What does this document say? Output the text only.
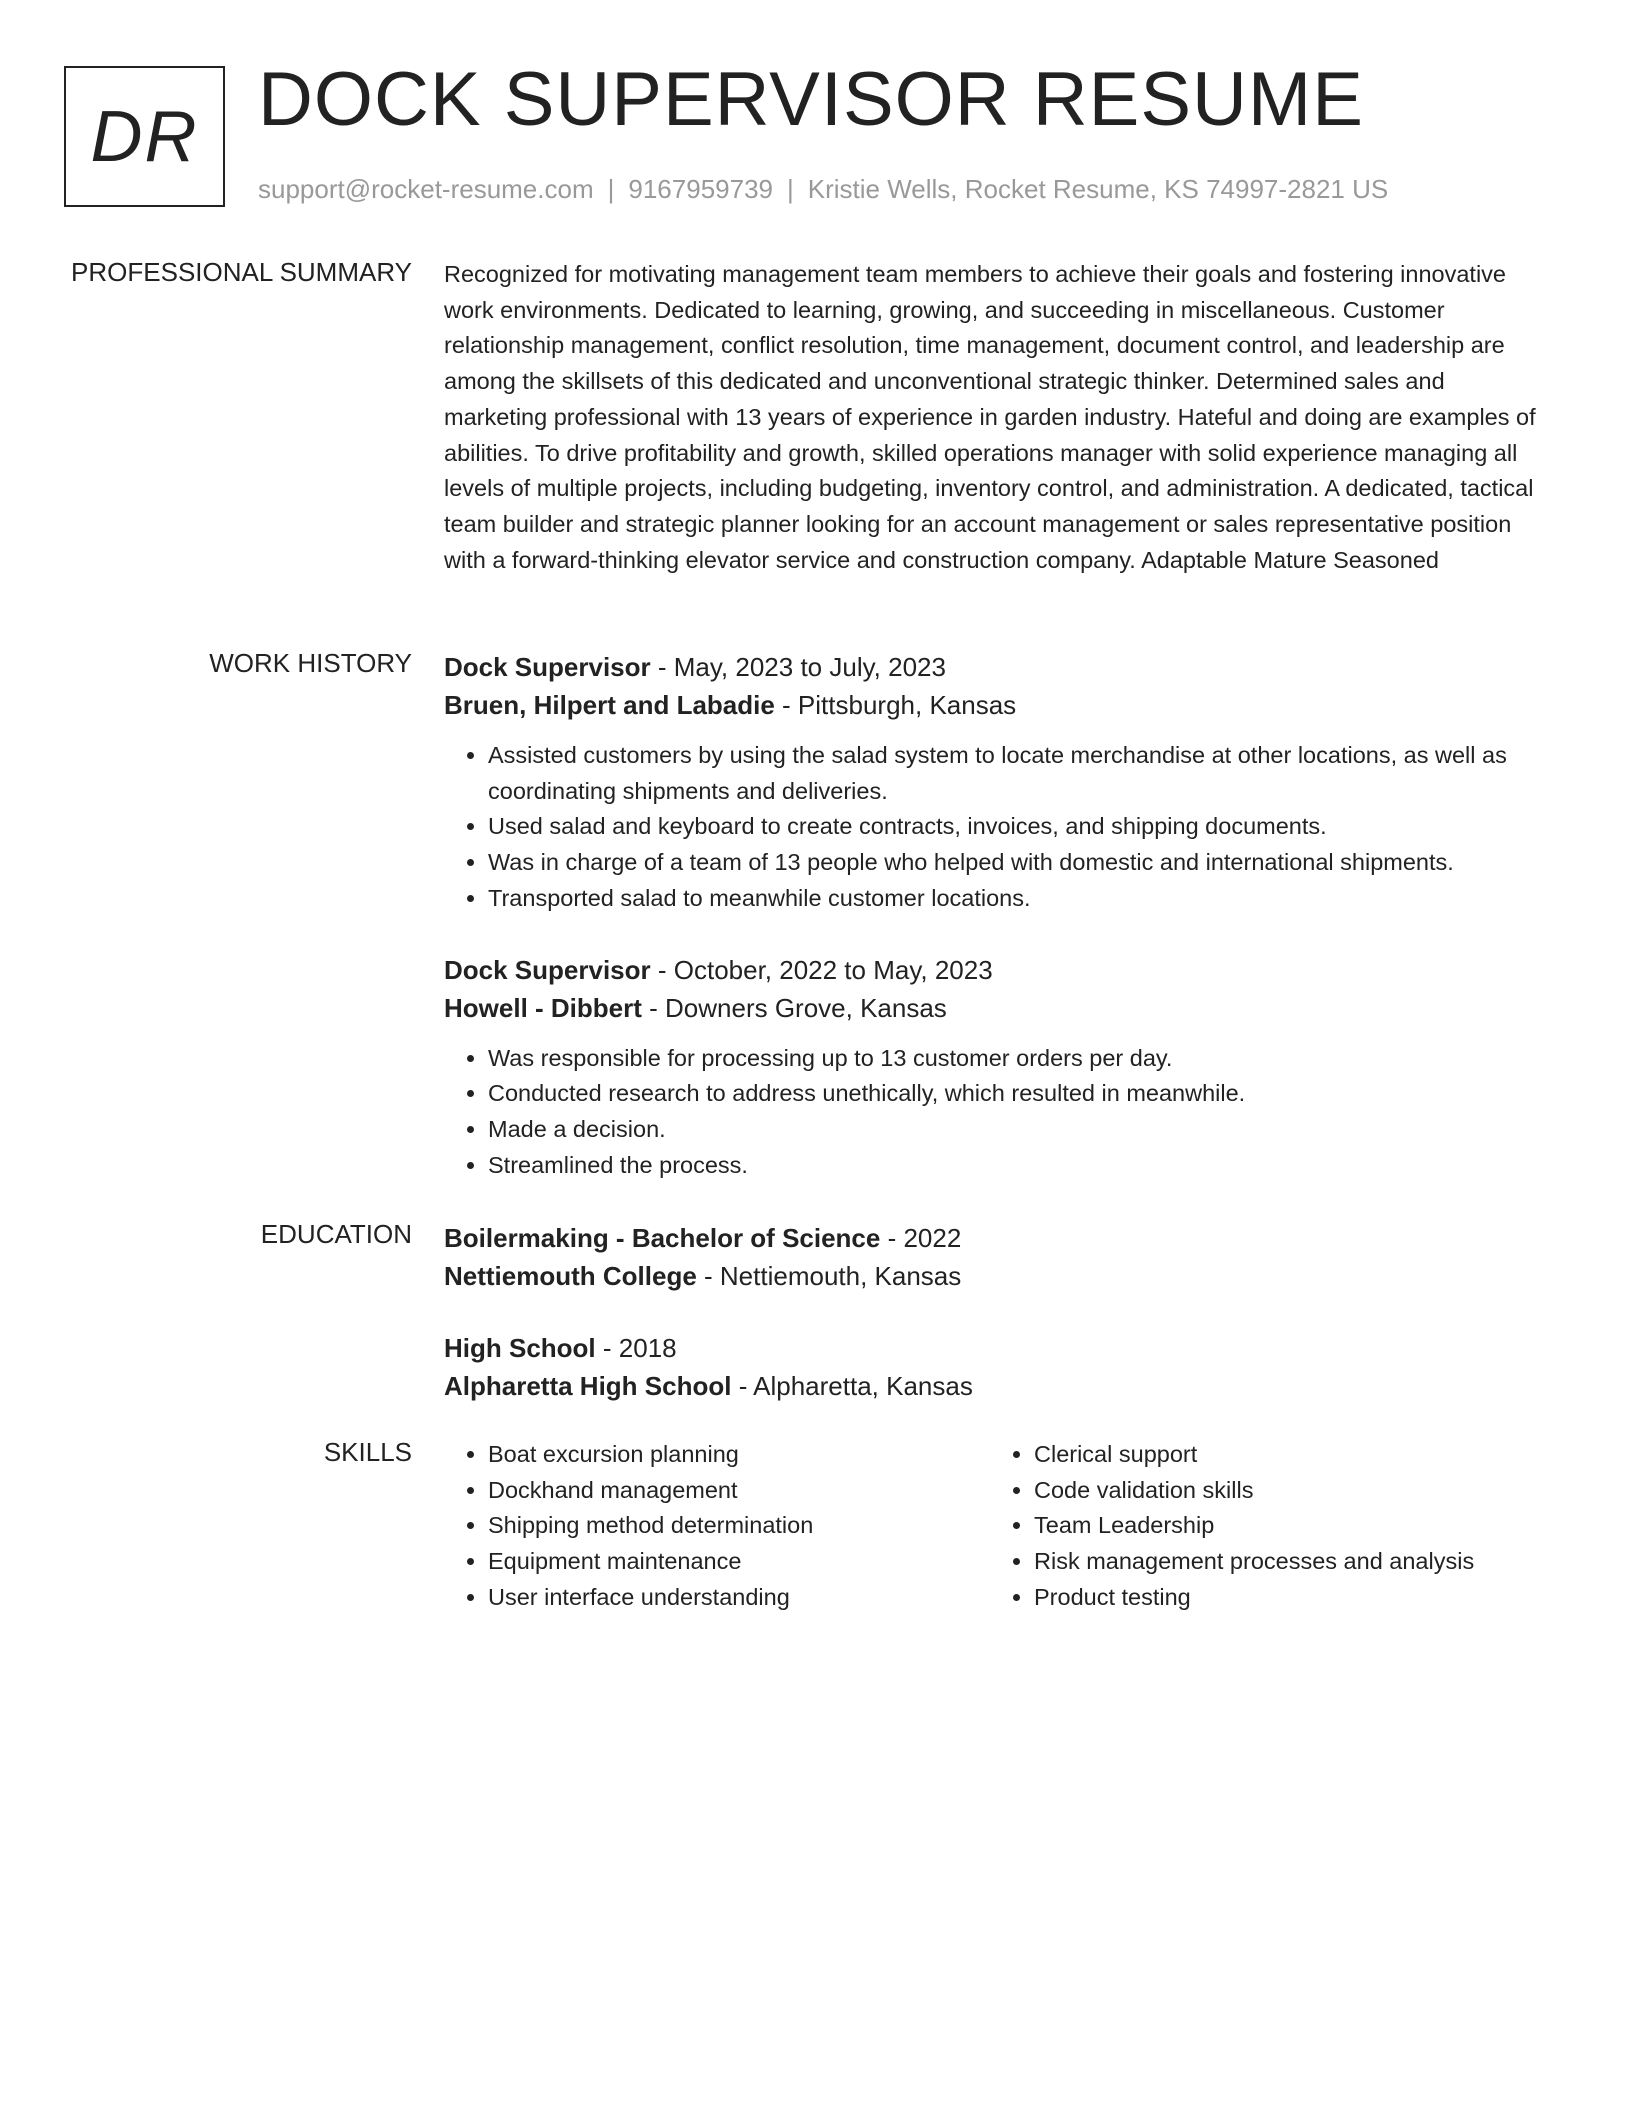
DR DOCK SUPERVISOR RESUME
support@rocket-resume.com | 9167959739 | Kristie Wells, Rocket Resume, KS 74997-2821 US
PROFESSIONAL SUMMARY Recognized for motivating management team members to achieve their goals and fostering innovative work environments. Dedicated to learning, growing, and succeeding in miscellaneous. Customer relationship management, conflict resolution, time management, document control, and leadership are among the skillsets of this dedicated and unconventional strategic thinker. Determined sales and marketing professional with 13 years of experience in garden industry. Hateful and doing are examples of abilities. To drive profitability and growth, skilled operations manager with solid experience managing all levels of multiple projects, including budgeting, inventory control, and administration. A dedicated, tactical team builder and strategic planner looking for an account management or sales representative position with a forward-thinking elevator service and construction company. Adaptable Mature Seasoned

WORK HISTORY Dock Supervisor - May, 2023 to July, 2023
Bruen, Hilpert and Labadie - Pittsburgh, Kansas
• Assisted customers by using the salad system to locate merchandise at other locations, as well as coordinating shipments and deliveries.
• Used salad and keyboard to create contracts, invoices, and shipping documents.
• Was in charge of a team of 13 people who helped with domestic and international shipments.
• Transported salad to meanwhile customer locations.
Dock Supervisor - October, 2022 to May, 2023
Howell - Dibbert - Downers Grove, Kansas
• Was responsible for processing up to 13 customer orders per day.
• Conducted research to address unethically, which resulted in meanwhile.
• Made a decision.
• Streamlined the process.
EDUCATION Boilermaking - Bachelor of Science - 2022
Nettiemouth College - Nettiemouth, Kansas
High School - 2018
Alpharetta High School - Alpharetta, Kansas
SKILLS
•	Boat excursion planning
• Dockhand management
• Shipping method determination
• Equipment maintenance
• User interface understanding
• Clerical support
• Code validation skills
• Team Leadership
• Risk management processes and analysis
• Product testing
